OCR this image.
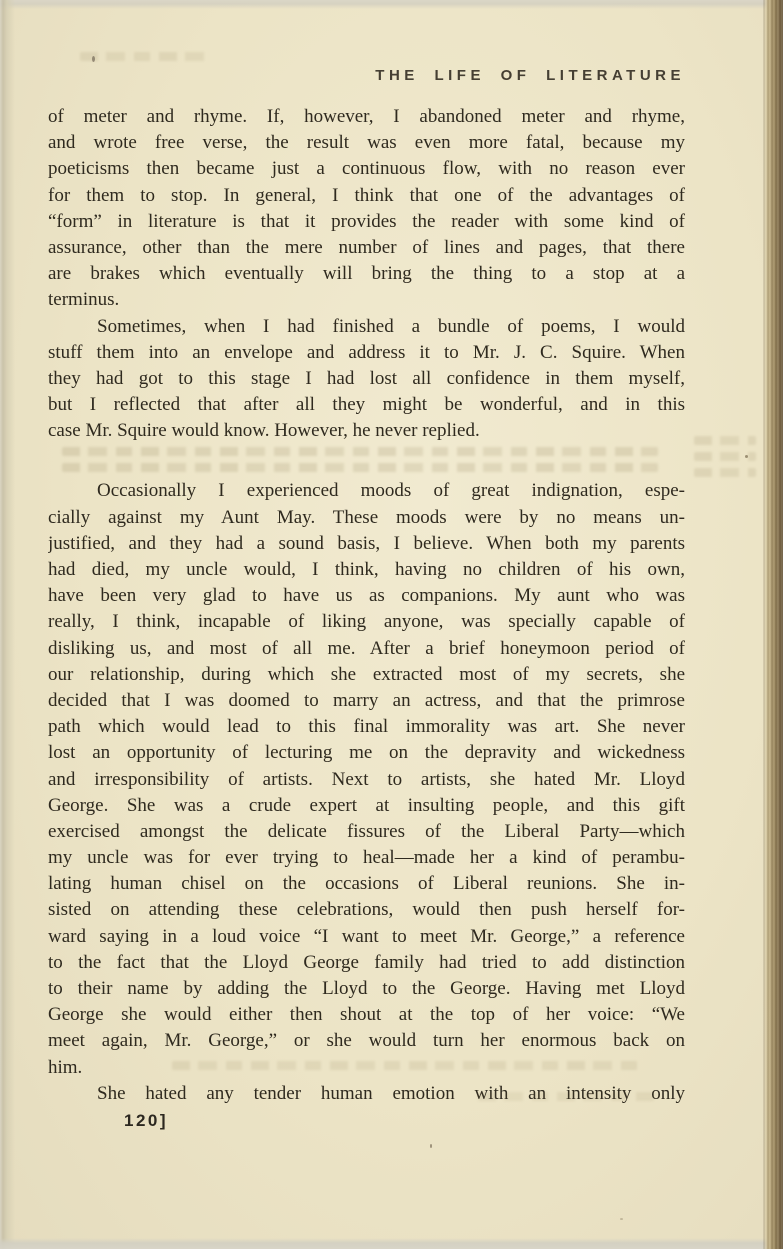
THE LIFE OF LITERATURE
of meter and rhyme. If, however, I abandoned meter and rhyme,
and wrote free verse, the result was even more fatal, because my
poeticisms then became just a continuous flow, with no reason ever
for them to stop. In general, I think that one of the advantages of
“form” in literature is that it provides the reader with some kind of
assurance, other than the mere number of lines and pages, that there
are brakes which eventually will bring the thing to a stop at a
terminus.
Sometimes, when I had finished a bundle of poems, I would
stuff them into an envelope and address it to Mr. J. C. Squire. When
they had got to this stage I had lost all confidence in them myself,
but I reflected that after all they might be wonderful, and in this
case Mr. Squire would know. However, he never replied.
Occasionally I experienced moods of great indignation, espe-
cially against my Aunt May. These moods were by no means un-
justified, and they had a sound basis, I believe. When both my parents
had died, my uncle would, I think, having no children of his own,
have been very glad to have us as companions. My aunt who was
really, I think, incapable of liking anyone, was specially capable of
disliking us, and most of all me. After a brief honeymoon period of
our relationship, during which she extracted most of my secrets, she
decided that I was doomed to marry an actress, and that the primrose
path which would lead to this final immorality was art. She never
lost an opportunity of lecturing me on the depravity and wickedness
and irresponsibility of artists. Next to artists, she hated Mr. Lloyd
George. She was a crude expert at insulting people, and this gift
exercised amongst the delicate fissures of the Liberal Party—which
my uncle was for ever trying to heal—made her a kind of perambu-
lating human chisel on the occasions of Liberal reunions. She in-
sisted on attending these celebrations, would then push herself for-
ward saying in a loud voice “I want to meet Mr. George,” a reference
to the fact that the Lloyd George family had tried to add distinction
to their name by adding the Lloyd to the George. Having met Lloyd
George she would either then shout at the top of her voice: “We
meet again, Mr. George,” or she would turn her enormous back on
him.
She hated any tender human emotion with an intensity only
120]
